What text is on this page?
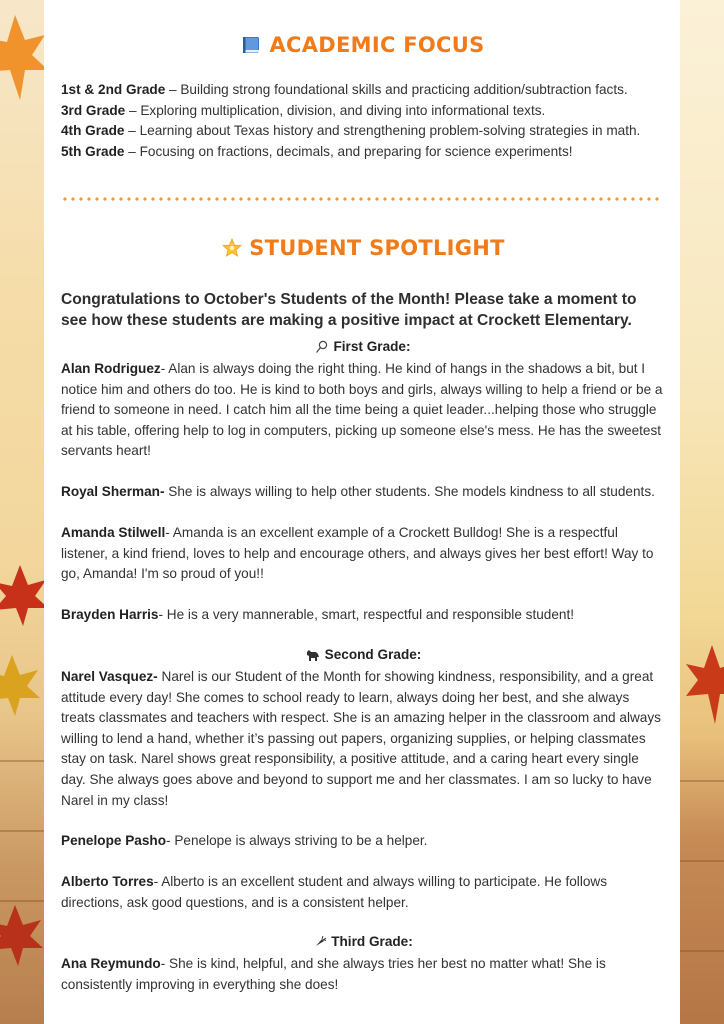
ACADEMIC FOCUS
1st & 2nd Grade – Building strong foundational skills and practicing addition/subtraction facts.
3rd Grade – Exploring multiplication, division, and diving into informational texts.
4th Grade – Learning about Texas history and strengthening problem-solving strategies in math.
5th Grade – Focusing on fractions, decimals, and preparing for science experiments!
STUDENT SPOTLIGHT
Congratulations to October's Students of the Month! Please take a moment to see how these students are making a positive impact at Crockett Elementary.
First Grade:
Alan Rodriguez- Alan is always doing the right thing. He kind of hangs in the shadows a bit, but I notice him and others do too. He is kind to both boys and girls, always willing to help a friend or be a friend to someone in need. I catch him all the time being a quiet leader...helping those who struggle at his table, offering help to log in computers, picking up someone else's mess. He has the sweetest servants heart!
Royal Sherman- She is always willing to help other students. She models kindness to all students.
Amanda Stilwell- Amanda is an excellent example of a Crockett Bulldog! She is a respectful listener, a kind friend, loves to help and encourage others, and always gives her best effort! Way to go, Amanda! I'm so proud of you!!
Brayden Harris- He is a very mannerable, smart, respectful and responsible student!
Second Grade:
Narel Vasquez- Narel is our Student of the Month for showing kindness, responsibility, and a great attitude every day! She comes to school ready to learn, always doing her best, and she always treats classmates and teachers with respect. She is an amazing helper in the classroom and always willing to lend a hand, whether it’s passing out papers, organizing supplies, or helping classmates stay on task. Narel shows great responsibility, a positive attitude, and a caring heart every single day. She always goes above and beyond to support me and her classmates. I am so lucky to have Narel in my class!
Penelope Pasho- Penelope is always striving to be a helper.
Alberto Torres- Alberto is an excellent student and always willing to participate. He follows directions, ask good questions, and is a consistent helper.
Third Grade:
Ana Reymundo- She is kind, helpful, and she always tries her best no matter what! She is consistently improving in everything she does!
